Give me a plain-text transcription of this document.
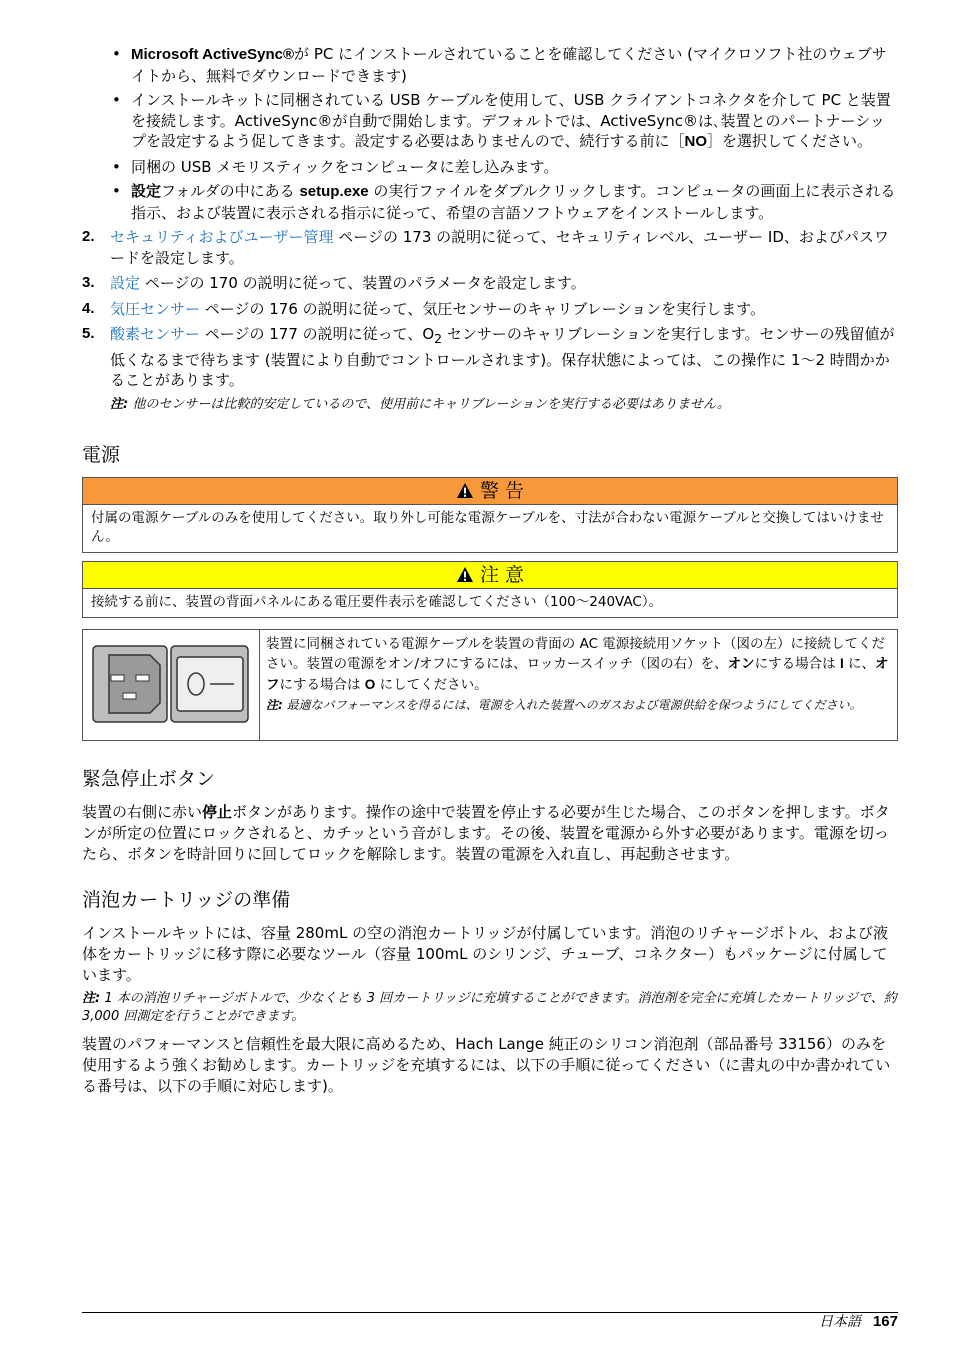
• Microsoft ActiveSync®が PC にインストールされていることを確認してください (マイクロソフト社のウェブサイトから、無料でダウンロードできます)
• インストールキットに同梱されている USB ケーブルを使用して、USB クライアントコネクタを介して PC と装置を接続します。ActiveSync®が自動で開始します。デフォルトでは、ActiveSync®は､装置とのパートナーシップを設定するよう促してきます。設定する必要はありませんので、続行する前に［NO］を選択してください。
• 同梱の USB メモリスティックをコンピュータに差し込みます。
• 設定フォルダの中にある setup.exe の実行ファイルをダブルクリックします。コンピュータの画面上に表示される指示、および装置に表示される指示に従って、希望の言語ソフトウェアをインストールします。
2. セキュリティおよびユーザー管理 ページの 173 の説明に従って、セキュリティレベル、ユーザー ID、およびパスワードを設定します。
3. 設定 ページの 170 の説明に従って、装置のパラメータを設定します。
4. 気圧センサー ページの 176 の説明に従って、気圧センサーのキャリブレーションを実行します。
5. 酸素センサー ページの 177 の説明に従って、$O_2$ センサーのキャリブレーションを実行します。センサーの残留値が低くなるまで待ちます (装置により自動でコントロールされます)。保存状態によっては、この操作に 1～2 時間かかることがあります。

注: 他のセンサーは比較的安定しているので、使用前にキャリブレーションを実行する必要はありません。

電源
警 告
付属の電源ケーブルのみを使用してください。取り外し可能な電源ケーブルを、寸法が合わない電源ケーブルと交換してはいけません。
注 意
接続する前に、装置の背面パネルにある電圧要件表示を確認してください（100～240VAC）。

装置に同梱されている電源ケーブルを装置の背面の AC 電源接続用ソケット（図の左）に接続してください。装置の電源をオン/オフにするには、ロッカースイッチ（図の右）を、オンにする場合は I に、オフにする場合は O にしてください。

注: 最適なパフォーマンスを得るには、電源を入れた装置へのガスおよび電源供給を保つようにしてください。

緊急停止ボタン

装置の右側に赤い停止ボタンがあります。操作の途中で装置を停止する必要が生じた場合、このボタンを押します。ボタンが所定の位置にロックされると、カチッという音がします。その後、装置を電源から外す必要があります。電源を切ったら、ボタンを時計回りに回してロックを解除します。装置の電源を入れ直し、再起動させます。

消泡カートリッジの準備

インストールキットには、容量 280mL の空の消泡カートリッジが付属しています。消泡のリチャージボトル、および液体をカートリッジに移す際に必要なツール（容量 100mL のシリンジ、チューブ、コネクター）もパッケージに付属しています。

注: 1 本の消泡リチャージボトルで、少なくとも 3 回カートリッジに充填することができます。消泡剤を完全に充填したカートリッジで、約 3,000 回測定を行うことができます。

装置のパフォーマンスと信頼性を最大限に高めるため、Hach Lange 純正のシリコン消泡剤（部品番号 33156）のみを使用するよう強くお勧めします。カートリッジを充填するには、以下の手順に従ってください（に書丸の中か書かれている番号は、以下の手順に対応します)。

日本語 167
